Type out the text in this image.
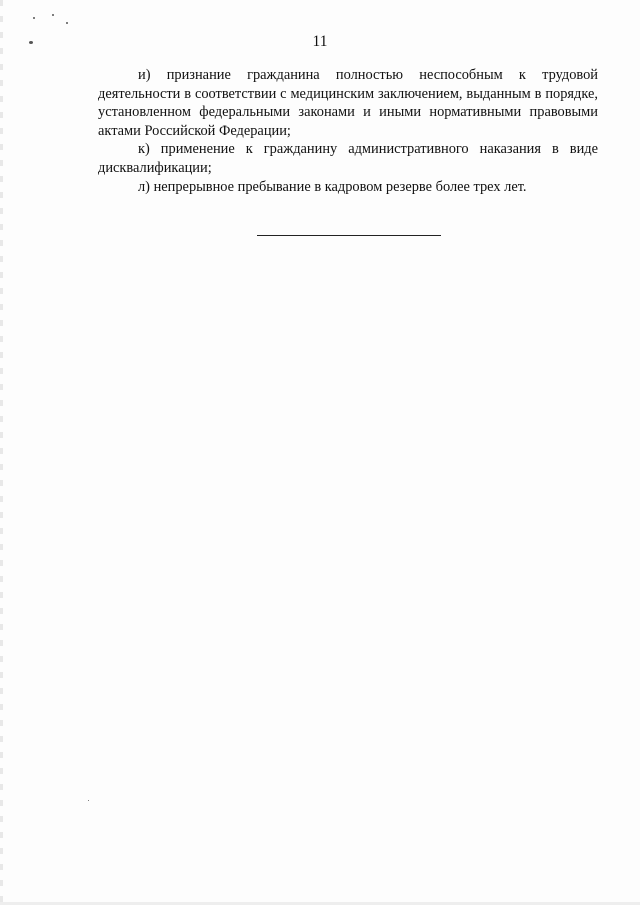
11

и) признание гражданина полностью неспособным к трудовой деятельности в соответствии с медицинским заключением, выданным в порядке, установленном федеральными законами и иными нормативными правовыми актами Российской Федерации;

к) применение к гражданину административного наказания в виде дисквалификации;

л) непрерывное пребывание в кадровом резерве более трех лет.
